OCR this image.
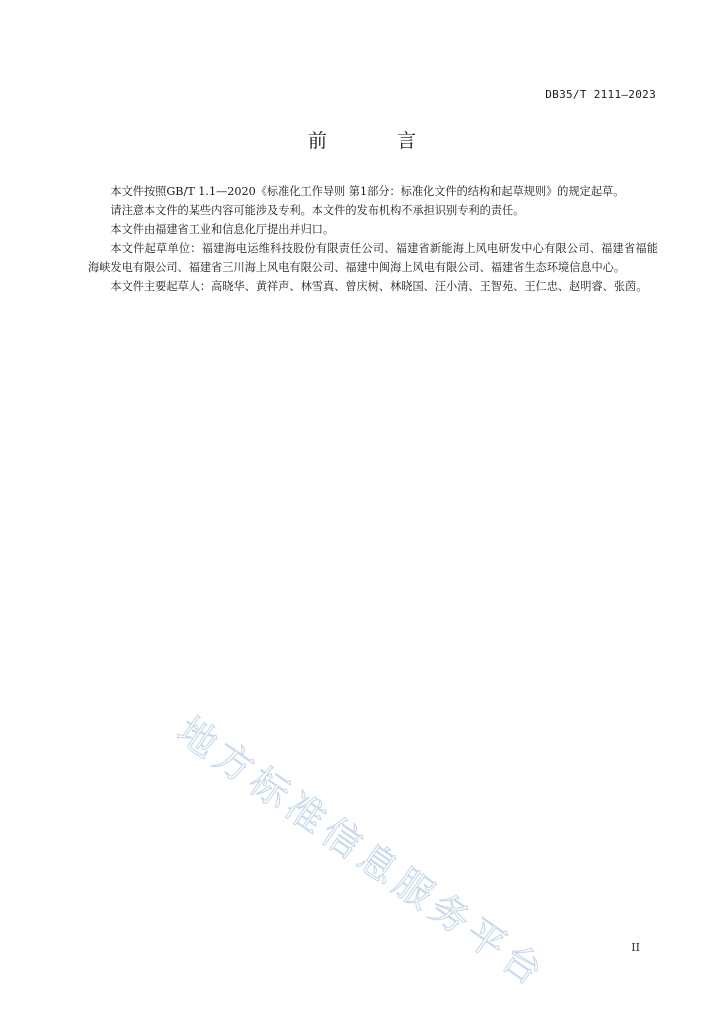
DB35/T 2111—2023
前 言

本文件按照GB/T 1.1—2020《标准化工作导则 第1部分：标准化文件的结构和起草规则》的规定起草。

请注意本文件的某些内容可能涉及专利。本文件的发布机构不承担识别专利的责任。

本文件由福建省工业和信息化厅提出并归口。

本文件起草单位：福建海电运维科技股份有限责任公司、福建省新能海上风电研发中心有限公司、福建省福能海峡发电有限公司、福建省三川海上风电有限公司、福建中闽海上风电有限公司、福建省生态环境信息中心。

本文件主要起草人：高晓华、黄祥声、林雪真、曾庆树、林晓国、汪小清、王智苑、王仁忠、赵明睿、张茵。

地方标准信息服务平台	II
